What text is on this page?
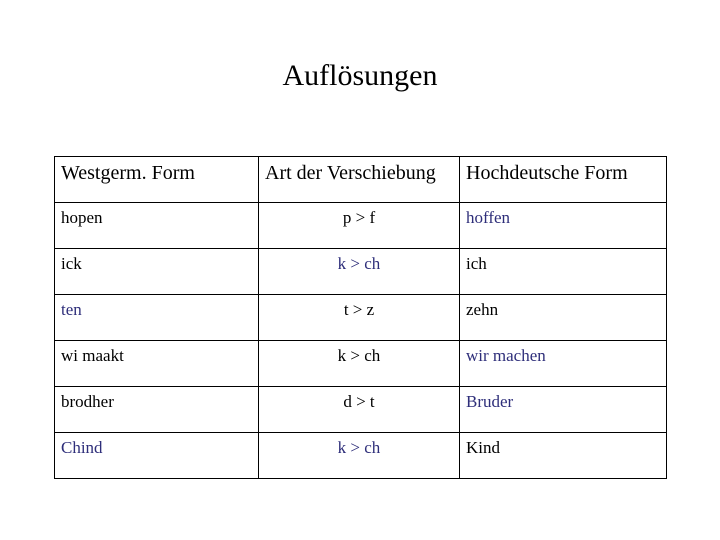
Auflösungen
Westgerm. Form	Art der Verschiebung	Hochdeutsche Form
hopen	p > f	hoffen
ick	k > ch	ich
ten	t > z	zehn
wi maakt	k > ch	wir machen
brodher	d > t	Bruder
Chind	k > ch	Kind
